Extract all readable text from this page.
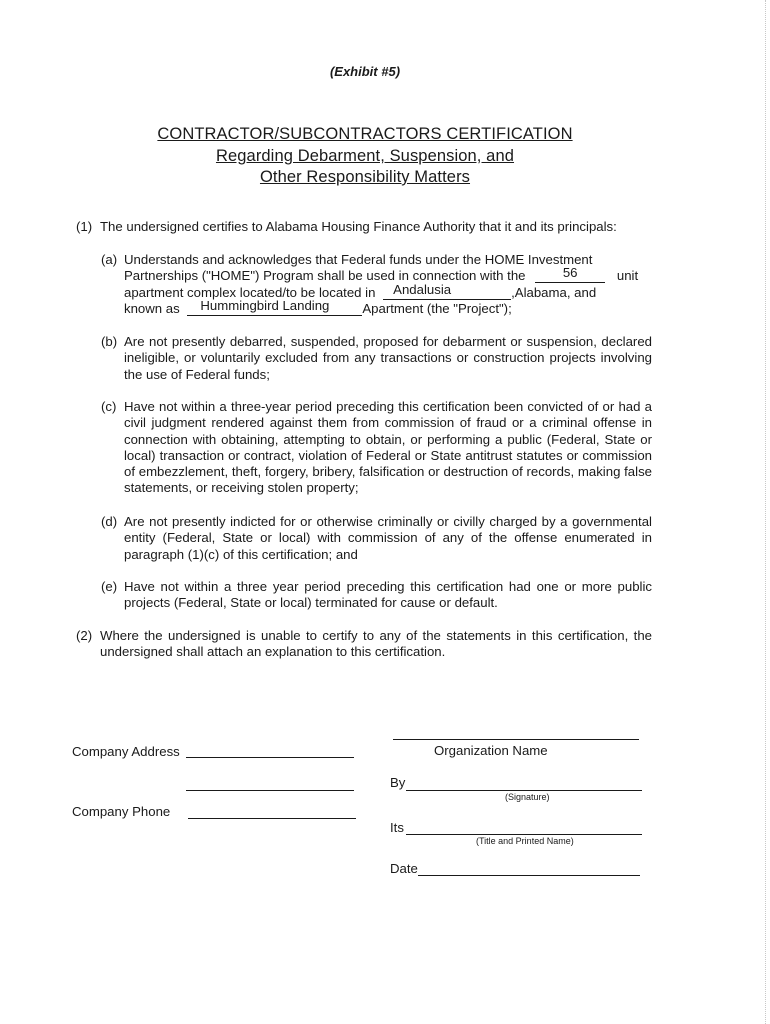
(Exhibit #5)
CONTRACTOR/SUBCONTRACTORS CERTIFICATION
Regarding Debarment, Suspension, and
Other Responsibility Matters
(1) The undersigned certifies to Alabama Housing Finance Authority that it and its principals:
(a) Understands and acknowledges that Federal funds under the HOME Investment
Partnerships ("HOME") Program shall be used in connection with the	56	unit
apartment complex located/to be located in Andalusia	,Alabama, and
known as Hummingbird Landing Apartment (the "Project");
(b) Are not presently debarred, suspended, proposed for debarment or suspension, declared ineligible, or voluntarily excluded from any transactions or construction projects involving the use of Federal funds;
(c) Have not within a three-year period preceding this certification been convicted of or had a civil judgment rendered against them from commission of fraud or a criminal offense in connection with obtaining, attempting to obtain, or performing a public (Federal, State or local) transaction or contract, violation of Federal or State antitrust statutes or commission of embezzlement, theft, forgery, bribery, falsification or destruction of records, making false statements, or receiving stolen property;
(d) Are not presently indicted for or otherwise criminally or civilly charged by a governmental entity (Federal, State or local) with commission of any of the offense enumerated in paragraph (1)(c) of this certification; and
(e) Have not within a three year period preceding this certification had one or more public projects (Federal, State or local) terminated for cause or default.
(2) Where the undersigned is unable to certify to any of the statements in this certification, the undersigned shall attach an explanation to this certification.
Company Address
Company Phone
Organization Name
By
(Signature)
Its
(Title and Printed Name)
Date
